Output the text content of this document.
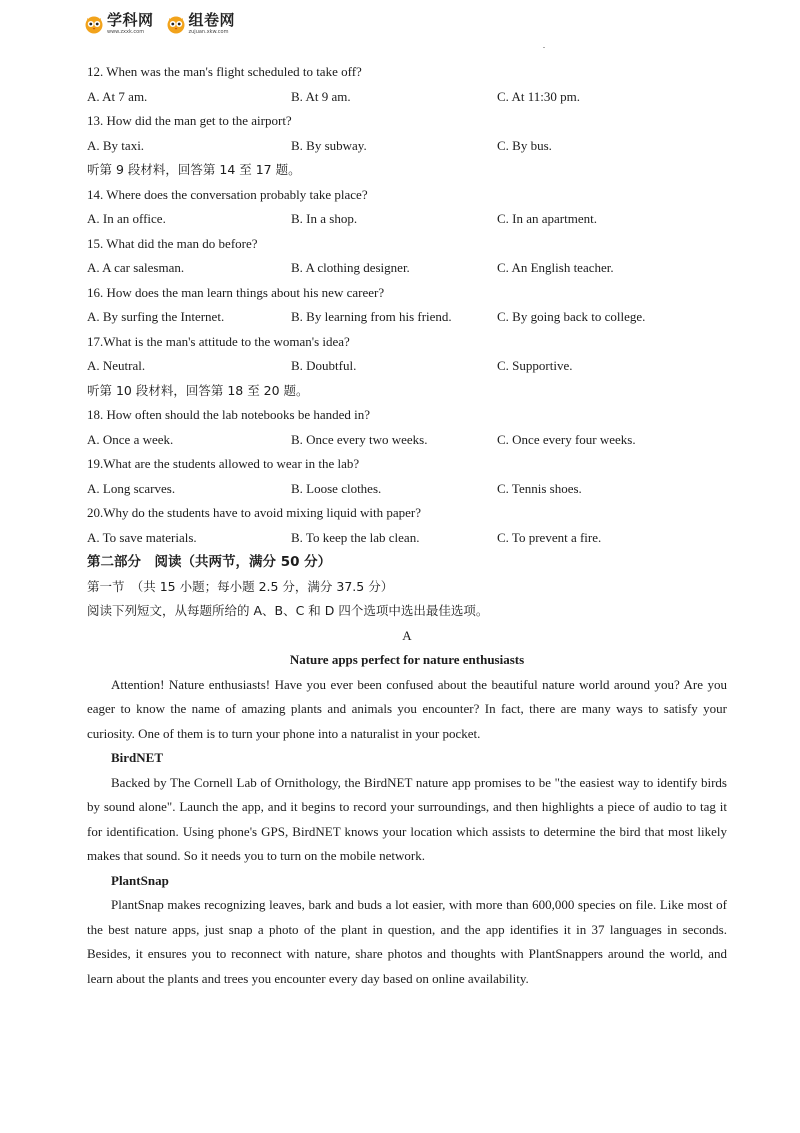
学科网
www.zxxk.com
组卷网
zujuan.xkw.com
12. When was the man's flight scheduled to take off?
A. At 7 am.	B. At 9 am.	C. At 11:30 pm.
13. How did the man get to the airport?
A. By taxi.	B. By subway.	C. By bus.
听第 9 段材料，回答第 14 至 17 题。
14. Where does the conversation probably take place?
A. In an office.	B. In a shop.	C. In an apartment.
15. What did the man do before?
A. A car salesman.	B. A clothing designer.	C. An English teacher.
16. How does the man learn things about his new career?
A. By surfing the Internet.	B. By learning from his friend.	C. By going back to college.
17.What is the man's attitude to the woman's idea?
A. Neutral.	B. Doubtful.	C. Supportive.
听第 10 段材料，回答第 18 至 20 题。
18. How often should the lab notebooks be handed in?
A. Once a week.	B. Once every two weeks.	C. Once every four weeks.
19.What are the students allowed to wear in the lab?
A. Long scarves.	B. Loose clothes.	C. Tennis shoes.
20.Why do the students have to avoid mixing liquid with paper?
A. To save materials.	B. To keep the lab clean.	C. To prevent a fire.
第二部分　阅读（共两节，满分 50 分）
第一节　（共 15 小题；每小题 2.5 分，满分 37.5 分）
阅读下列短文，从每题所给的 A、B、C 和 D 四个选项中选出最佳选项。
A
Nature apps perfect for nature enthusiasts

Attention! Nature enthusiasts! Have you ever been confused about the beautiful nature world around you? Are you eager to know the name of amazing plants and animals you encounter? In fact, there are many ways to satisfy your curiosity. One of them is to turn your phone into a naturalist in your pocket.

BirdNET

Backed by The Cornell Lab of Ornithology, the BirdNET nature app promises to be "the easiest way to identify birds by sound alone". Launch the app, and it begins to record your surroundings, and then highlights a piece of audio to tag it for identification. Using phone's GPS, BirdNET knows your location which assists to determine the bird that most likely makes that sound. So it needs you to turn on the mobile network.

PlantSnap

PlantSnap makes recognizing leaves, bark and buds a lot easier, with more than 600,000 species on file. Like most of the best nature apps, just snap a photo of the plant in question, and the app identifies it in 37 languages in seconds. Besides, it ensures you to reconnect with nature, share photos and thoughts with PlantSnappers around the world, and learn about the plants and trees you encounter every day based on online availability.
